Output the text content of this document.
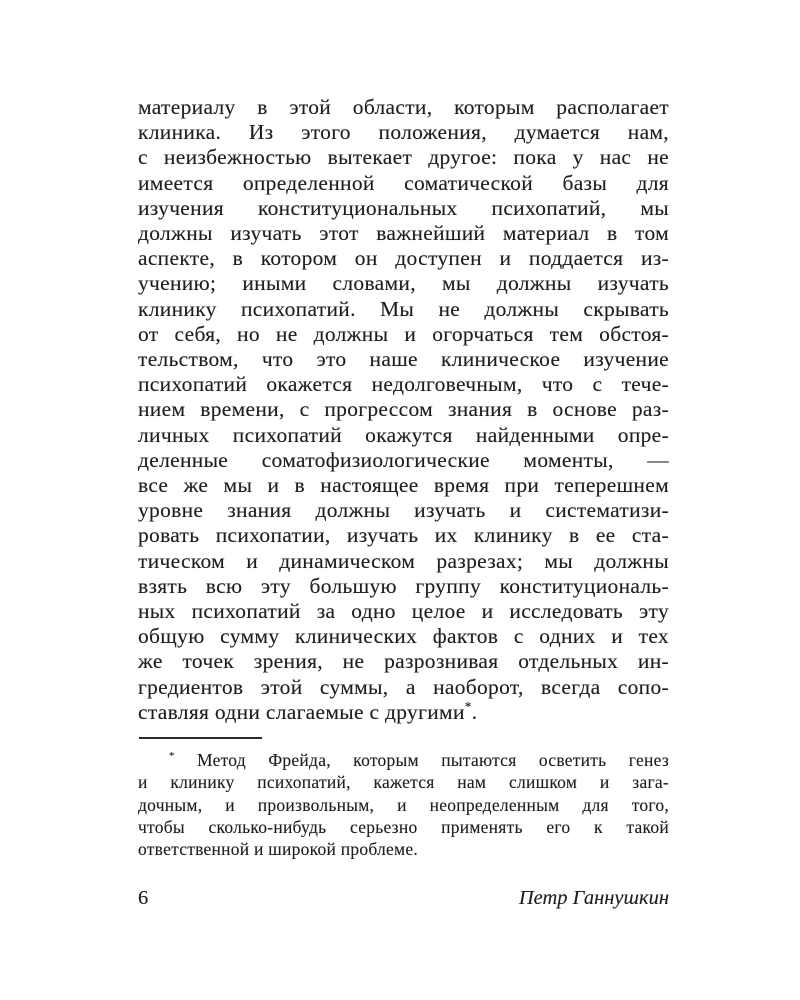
материалу в этой области, которым располагает
клиника. Из этого положения, думается нам,
с неизбежностью вытекает другое: пока у нас не
имеется определенной соматической базы для
изучения конституциональных психопатий, мы
должны изучать этот важнейший материал в том
аспекте, в котором он доступен и поддается из-
учению; иными словами, мы должны изучать
клинику психопатий. Мы не должны скрывать
от себя, но не должны и огорчаться тем обстоя-
тельством, что это наше клиническое изучение
психопатий окажется недолговечным, что с тече-
нием времени, с прогрессом знания в основе раз-
личных психопатий окажутся найденными опре-
деленные соматофизиологические моменты, —
все же мы и в настоящее время при теперешнем
уровне знания должны изучать и систематизи-
ровать психопатии, изучать их клинику в ее ста-
тическом и динамическом разрезах; мы должны
взять всю эту большую группу конституциональ-
ных психопатий за одно целое и исследовать эту
общую сумму клинических фактов с одних и тех
же точек зрения, не разрознивая отдельных ин-
гредиентов этой суммы, а наоборот, всегда сопо-
ставляя одни слагаемые с другими*.
* Метод Фрейда, которым пытаются осветить генез
и клинику психопатий, кажется нам слишком и зага-
дочным, и произвольным, и неопределенным для того,
чтобы сколько-нибудь серьезно применять его к такой
ответственной и широкой проблеме.
6	Петр Ганнушкин
